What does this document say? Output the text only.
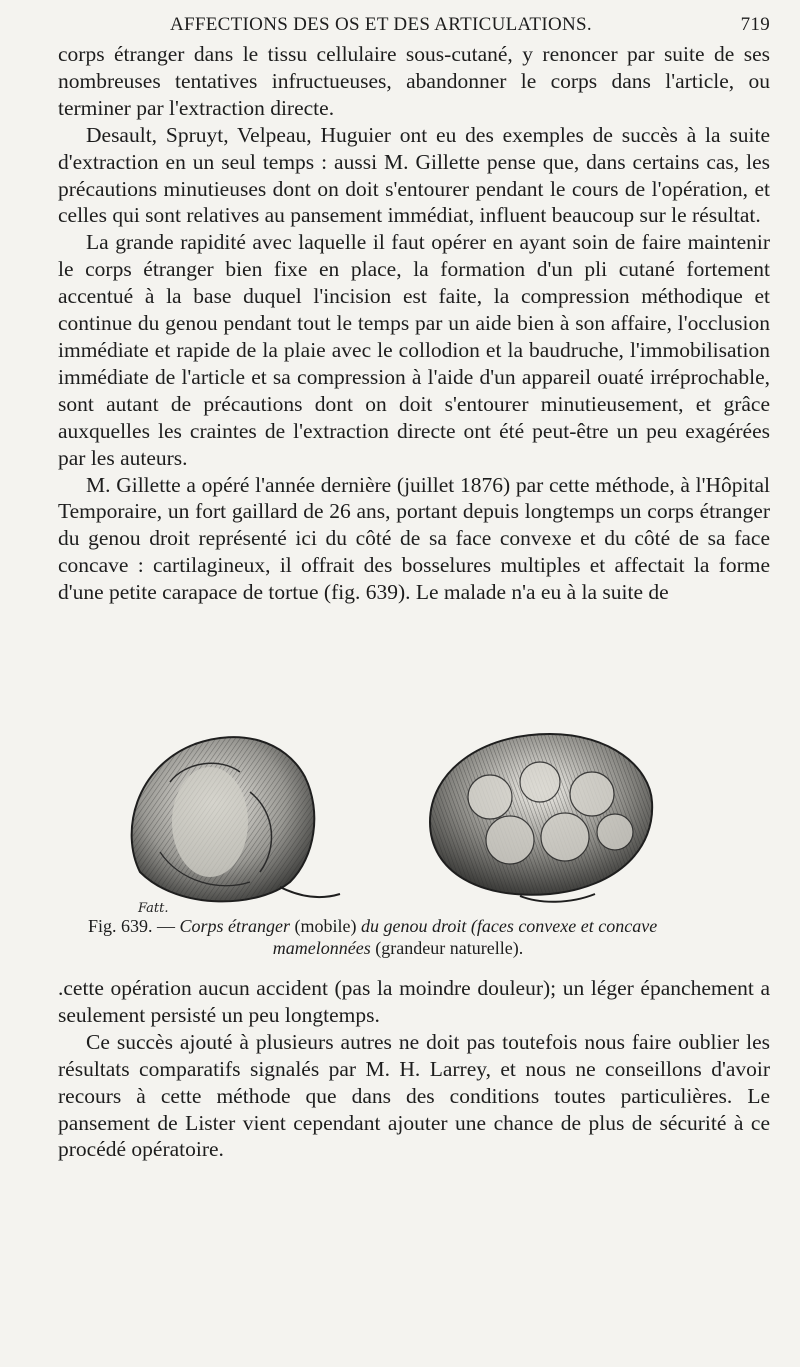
AFFECTIONS DES OS ET DES ARTICULATIONS.	719

corps étranger dans le tissu cellulaire sous-cutané, y renoncer par suite de ses nombreuses tentatives infructueuses, abandonner le corps dans l'article, ou terminer par l'extraction directe.

Desault, Spruyt, Velpeau, Huguier ont eu des exemples de succès à la suite d'extraction en un seul temps : aussi M. Gillette pense que, dans certains cas, les précautions minutieuses dont on doit s'entourer pendant le cours de l'opération, et celles qui sont relatives au pansement immédiat, influent beaucoup sur le résultat.

La grande rapidité avec laquelle il faut opérer en ayant soin de faire maintenir le corps étranger bien fixe en place, la formation d'un pli cutané fortement accentué à la base duquel l'incision est faite, la compression méthodique et continue du genou pendant tout le temps par un aide bien à son affaire, l'occlusion immédiate et rapide de la plaie avec le collodion et la baudruche, l'immobilisation immédiate de l'article et sa compression à l'aide d'un appareil ouaté irréprochable, sont autant de précautions dont on doit s'entourer minutieusement, et grâce auxquelles les craintes de l'extraction directe ont été peut-être un peu exagérées par les auteurs.

M. Gillette a opéré l'année dernière (juillet 1876) par cette méthode, à l'Hôpital Temporaire, un fort gaillard de 26 ans, portant depuis longtemps un corps étranger du genou droit représenté ici du côté de sa face convexe et du côté de sa face concave : cartilagineux, il offrait des bosselures multiples et affectait la forme d'une petite carapace de tortue (fig. 639). Le malade n'a eu à la suite de

Fatt.
Fig. 639. — Corps étranger (mobile) du genou droit (faces convexe et concave
mamelonnées (grandeur naturelle).

.cette opération aucun accident (pas la moindre douleur); un léger épanchement a seulement persisté un peu longtemps.

Ce succès ajouté à plusieurs autres ne doit pas toutefois nous faire oublier les résultats comparatifs signalés par M. H. Larrey, et nous ne conseillons d'avoir recours à cette méthode que dans des conditions toutes particulières. Le pansement de Lister vient cependant ajouter une chance de plus de sécurité à ce procédé opératoire.
